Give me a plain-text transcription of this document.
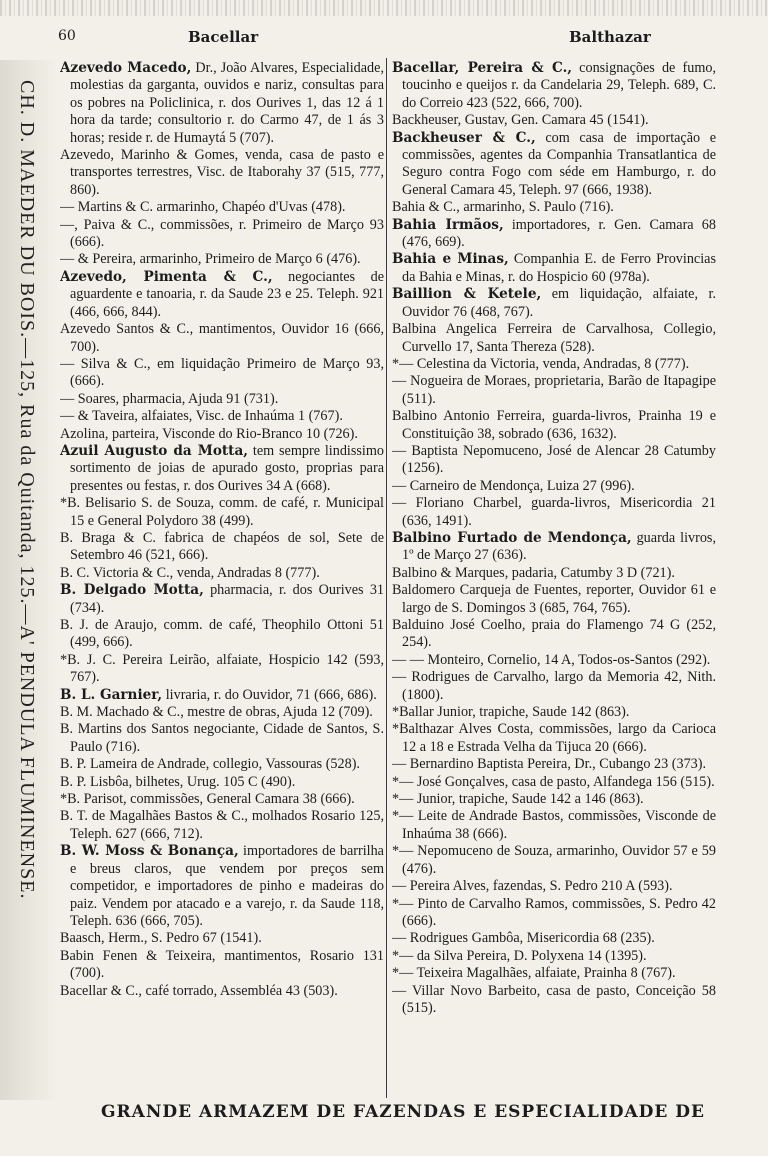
60	Bacellar	Balthazar
CH. D. MAEDER DU BOIS.—125, Rua da Quitanda, 125.—A' PENDULA FLUMINENSE.

Azevedo Macedo, Dr., João Alvares, Especialidade, molestias da garganta, ouvidos e nariz, consultas para os pobres na Policlinica, r. dos Ourives 1, das 12 á 1 hora da tarde; consultorio r. do Carmo 47, de 1 ás 3 horas; reside r. de Humaytá 5 (707).

Azevedo, Marinho & Gomes, venda, casa de pasto e transportes terrestres, Visc. de Itaborahy 37 (515, 777, 860).

— Martins & C. armarinho, Chapéo d'Uvas (478).

—, Paiva & C., commissões, r. Primeiro de Março 93 (666).

— & Pereira, armarinho, Primeiro de Março 6 (476).

Azevedo, Pimenta & C., negociantes de aguardente e tanoaria, r. da Saude 23 e 25. Teleph. 921 (466, 666, 844).

Azevedo Santos & C., mantimentos, Ouvidor 16 (666, 700).

— Silva & C., em liquidação Primeiro de Março 93, (666).

— Soares, pharmacia, Ajuda 91 (731).

— & Taveira, alfaiates, Visc. de Inhaúma 1 (767).

Azolina, parteira, Visconde do Rio-Branco 10 (726).

Azuil Augusto da Motta, tem sempre lindissimo sortimento de joias de apurado gosto, proprias para presentes ou festas, r. dos Ourives 34 A (668).

*B. Belisario S. de Souza, comm. de café, r. Municipal 15 e General Polydoro 38 (499).

B. Braga & C. fabrica de chapéos de sol, Sete de Setembro 46 (521, 666).

B. C. Victoria & C., venda, Andradas 8 (777).

B. Delgado Motta, pharmacia, r. dos Ourives 31 (734).

B. J. de Araujo, comm. de café, Theophilo Ottoni 51 (499, 666).

*B. J. C. Pereira Leirão, alfaiate, Hospicio 142 (593, 767).

B. L. Garnier, livraria, r. do Ouvidor, 71 (666, 686).

B. M. Machado & C., mestre de obras, Ajuda 12 (709).

B. Martins dos Santos negociante, Cidade de Santos, S. Paulo (716).

B. P. Lameira de Andrade, collegio, Vassouras (528).

B. P. Lisbôa, bilhetes, Urug. 105 C (490).

*B. Parisot, commissões, General Camara 38 (666).

B. T. de Magalhães Bastos & C., molhados Rosario 125, Teleph. 627 (666, 712).

B. W. Moss & Bonança, importadores de barrilha e breus claros, que vendem por preços sem competidor, e importadores de pinho e madeiras do paiz. Vendem por atacado e a varejo, r. da Saude 118, Teleph. 636 (666, 705).

Baasch, Herm., S. Pedro 67 (1541).

Babin Fenen & Teixeira, mantimentos, Rosario 131 (700).

Bacellar & C., café torrado, Assembléa 43 (503).

Bacellar, Pereira & C., consignações de fumo, toucinho e queijos r. da Candelaria 29, Teleph. 689, C. do Correio 423 (522, 666, 700).

Backheuser, Gustav, Gen. Camara 45 (1541).

Backheuser & C., com casa de importação e commissões, agentes da Companhia Transatlantica de Seguro contra Fogo com séde em Hamburgo, r. do General Camara 45, Teleph. 97 (666, 1938).

Bahia & C., armarinho, S. Paulo (716).

Bahia Irmãos, importadores, r. Gen. Camara 68 (476, 669).

Bahia e Minas, Companhia E. de Ferro Provincias da Bahia e Minas, r. do Hospicio 60 (978a).

Baillion & Ketele, em liquidação, alfaiate, r. Ouvidor 76 (468, 767).

Balbina Angelica Ferreira de Carvalhosa, Collegio, Curvello 17, Santa Thereza (528).

*— Celestina da Victoria, venda, Andradas, 8 (777).

— Nogueira de Moraes, proprietaria, Barão de Itapagipe (511).

Balbino Antonio Ferreira, guarda-livros, Prainha 19 e Constituição 38, sobrado (636, 1632).

— Baptista Nepomuceno, José de Alencar 28 Catumby (1256).

— Carneiro de Mendonça, Luiza 27 (996).

— Floriano Charbel, guarda-livros, Misericordia 21 (636, 1491).

Balbino Furtado de Mendonça, guarda livros, 1º de Março 27 (636).

Balbino & Marques, padaria, Catumby 3 D (721).

Baldomero Carqueja de Fuentes, reporter, Ouvidor 61 e largo de S. Domingos 3 (685, 764, 765).

Balduino José Coelho, praia do Flamengo 74 G (252, 254).

— — Monteiro, Cornelio, 14 A, Todos-os-Santos (292).

— Rodrigues de Carvalho, largo da Memoria 42, Nith. (1800).

*Ballar Junior, trapiche, Saude 142 (863).

*Balthazar Alves Costa, commissões, largo da Carioca 12 a 18 e Estrada Velha da Tijuca 20 (666).

— Bernardino Baptista Pereira, Dr., Cubango 23 (373).

*— José Gonçalves, casa de pasto, Alfandega 156 (515).

*— Junior, trapiche, Saude 142 a 146 (863).

*— Leite de Andrade Bastos, commissões, Visconde de Inhaúma 38 (666).

*— Nepomuceno de Souza, armarinho, Ouvidor 57 e 59 (476).

— Pereira Alves, fazendas, S. Pedro 210 A (593).

*— Pinto de Carvalho Ramos, commissões, S. Pedro 42 (666).

— Rodrigues Gambôa, Misericordia 68 (235).

*— da Silva Pereira, D. Polyxena 14 (1395).

*— Teixeira Magalhães, alfaiate, Prainha 8 (767).

— Villar Novo Barbeito, casa de pasto, Conceição 58 (515).

GRANDE ARMAZEM DE FAZENDAS E ESPECIALIDADE DE
